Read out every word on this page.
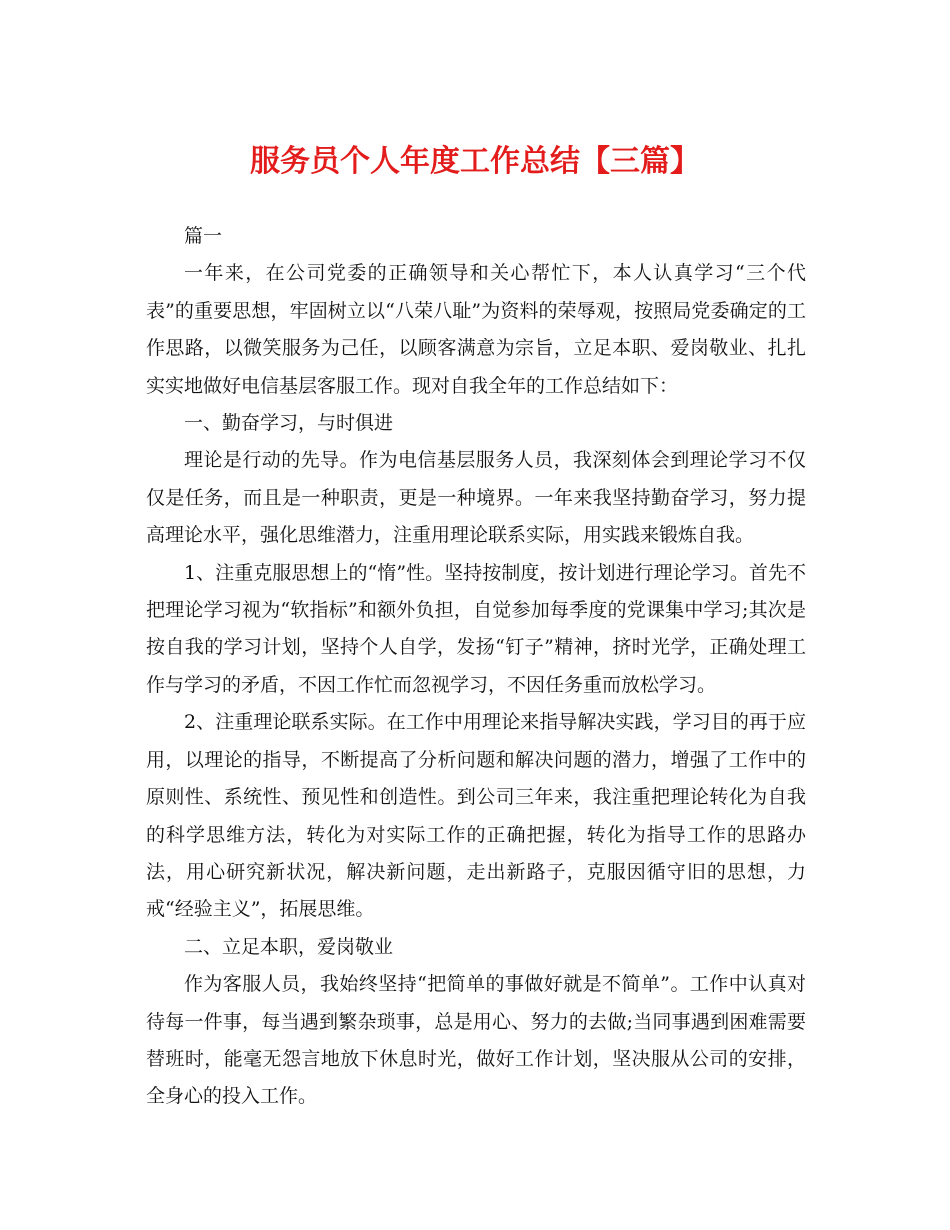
服务员个人年度工作总结【三篇】

篇一

一年来，在公司党委的正确领导和关心帮忙下，本人认真学习“三个代表”的重要思想，牢固树立以“八荣八耻”为资料的荣辱观，按照局党委确定的工作思路，以微笑服务为己任，以顾客满意为宗旨，立足本职、爱岗敬业、扎扎实实地做好电信基层客服工作。现对自我全年的工作总结如下：

一、勤奋学习，与时俱进

理论是行动的先导。作为电信基层服务人员，我深刻体会到理论学习不仅仅是任务，而且是一种职责，更是一种境界。一年来我坚持勤奋学习，努力提高理论水平，强化思维潜力，注重用理论联系实际，用实践来锻炼自我。

1、注重克服思想上的“惰”性。坚持按制度，按计划进行理论学习。首先不把理论学习视为“软指标”和额外负担，自觉参加每季度的党课集中学习;其次是按自我的学习计划，坚持个人自学，发扬“钉子”精神，挤时光学，正确处理工作与学习的矛盾，不因工作忙而忽视学习，不因任务重而放松学习。

2、注重理论联系实际。在工作中用理论来指导解决实践，学习目的再于应用，以理论的指导，不断提高了分析问题和解决问题的潜力，增强了工作中的原则性、系统性、预见性和创造性。到公司三年来，我注重把理论转化为自我的科学思维方法，转化为对实际工作的正确把握，转化为指导工作的思路办法，用心研究新状况，解决新问题，走出新路子，克服因循守旧的思想，力戒“经验主义”，拓展思维。

二、立足本职，爱岗敬业

作为客服人员，我始终坚持“把简单的事做好就是不简单”。工作中认真对待每一件事，每当遇到繁杂琐事，总是用心、努力的去做;当同事遇到困难需要替班时，能毫无怨言地放下休息时光，做好工作计划，坚决服从公司的安排，全身心的投入工作。
